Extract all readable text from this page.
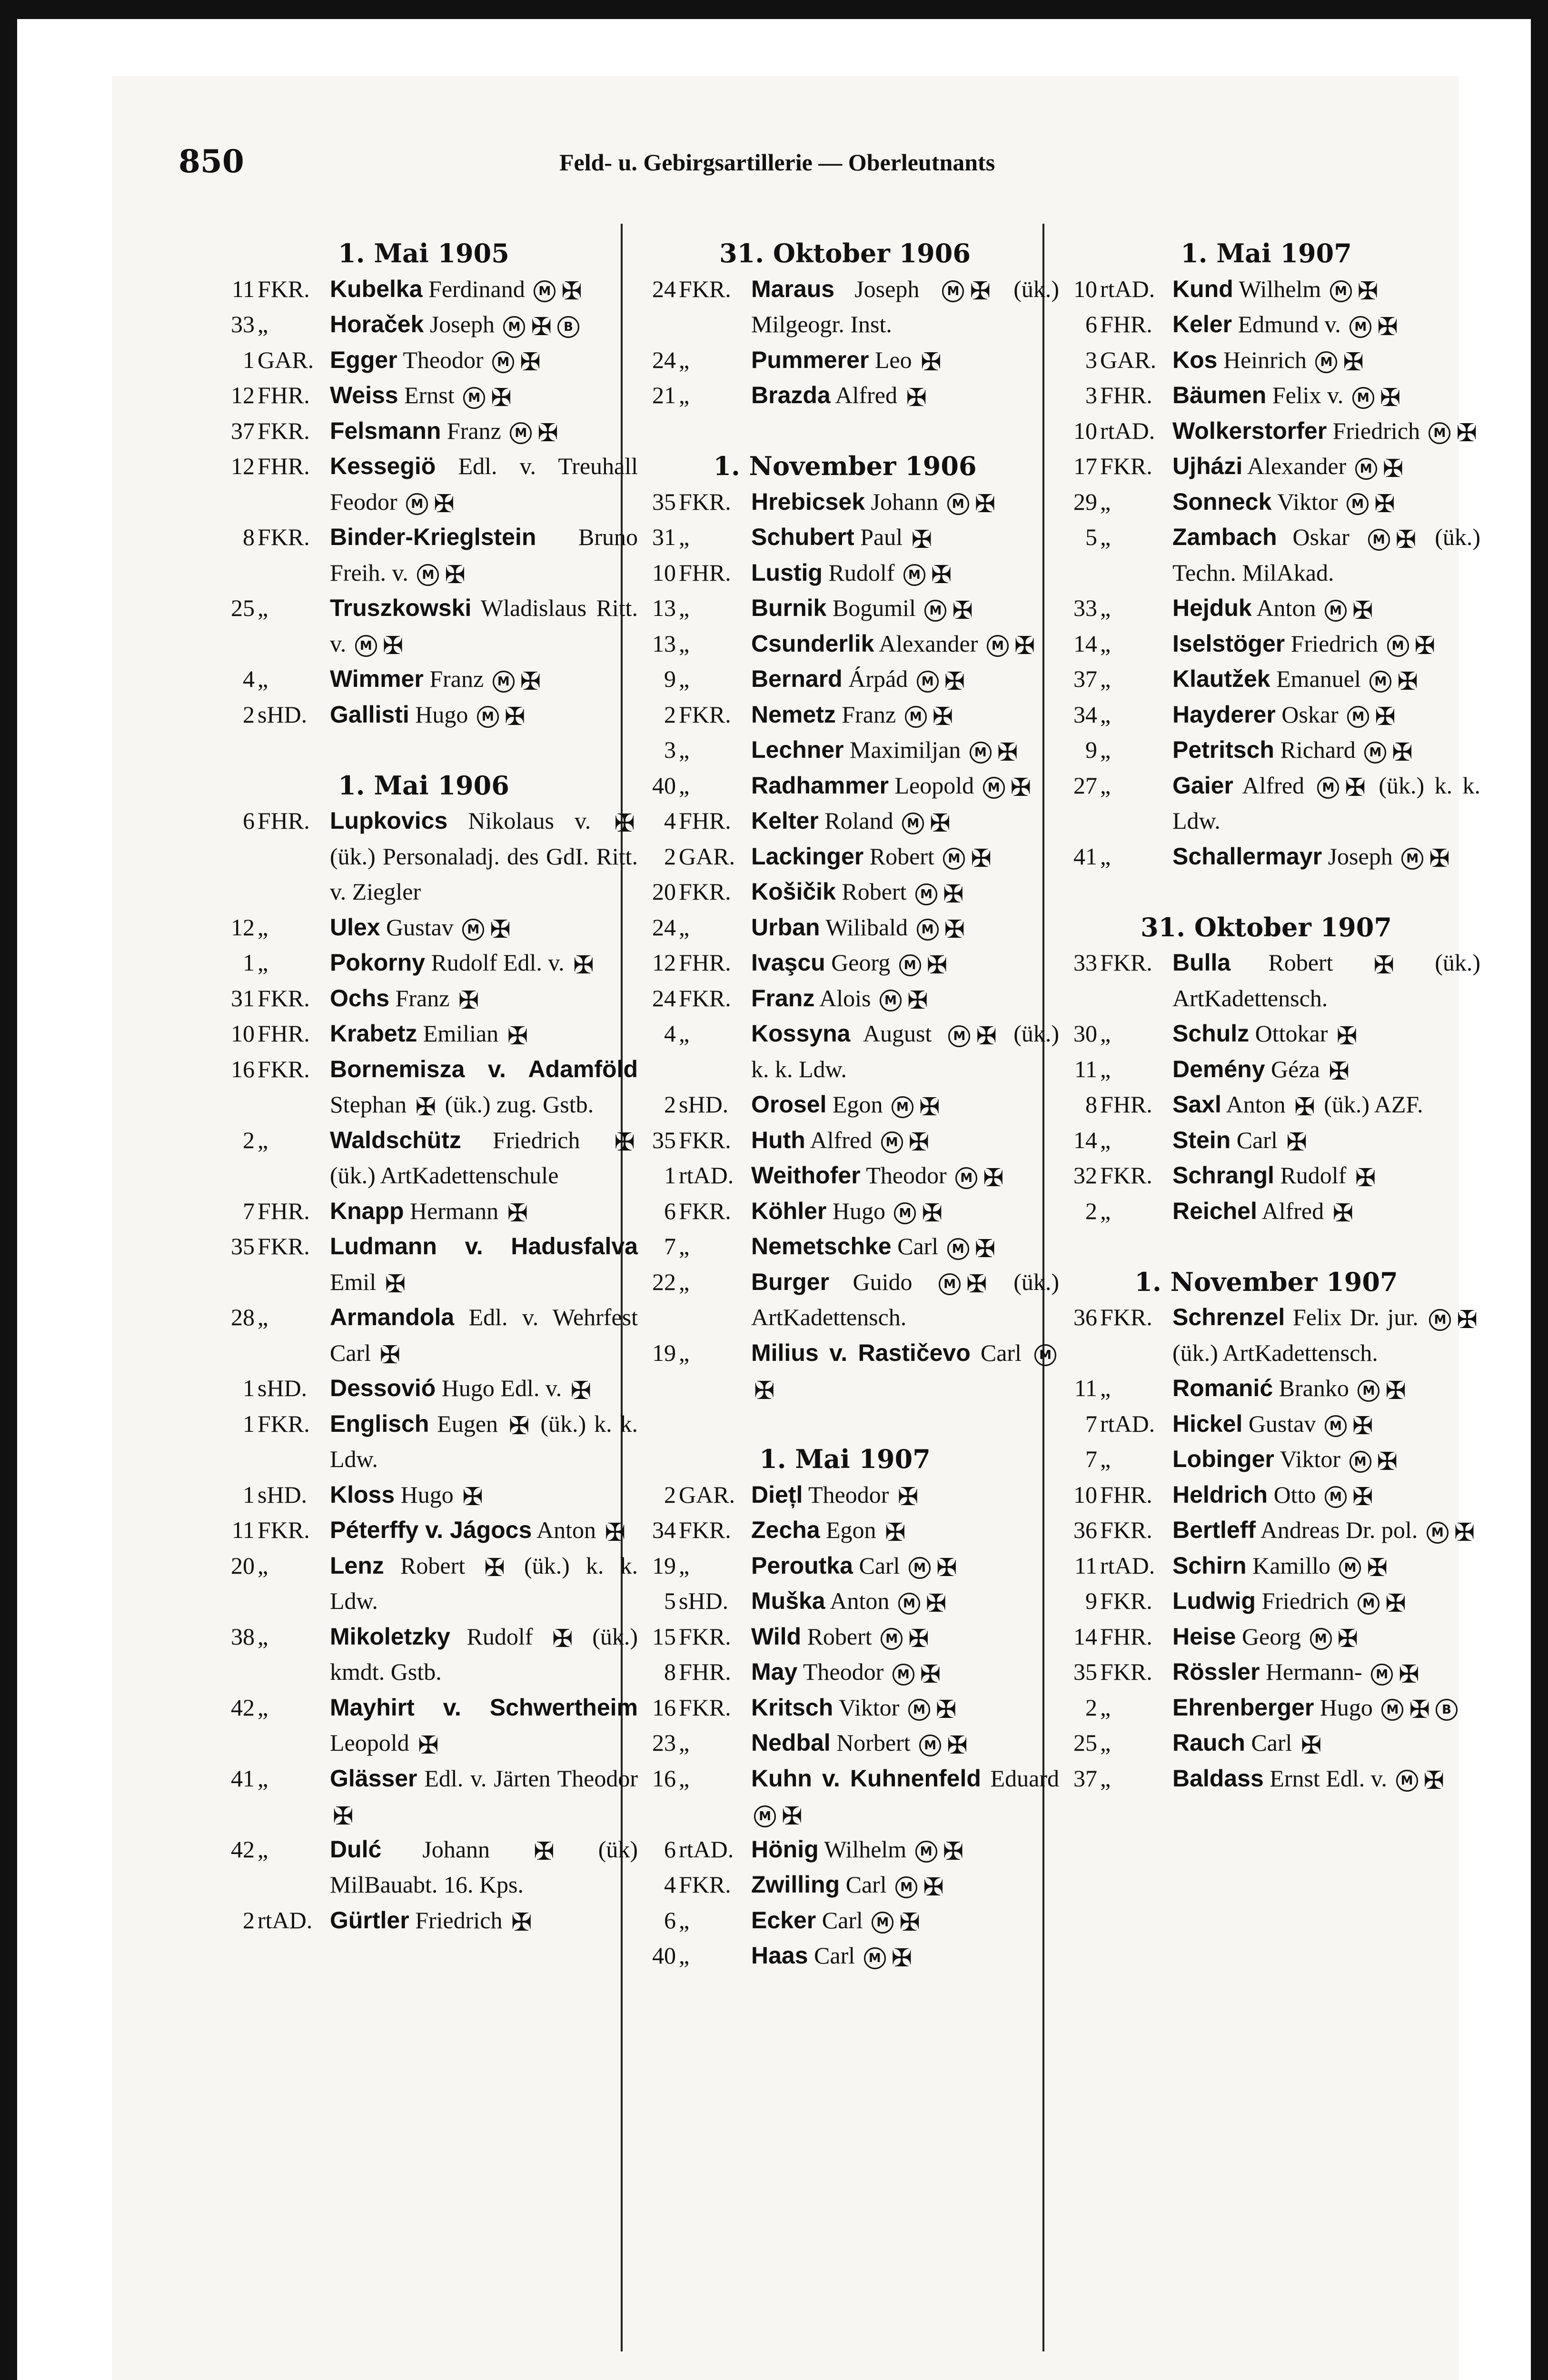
850	Feld- u. Gebirgsartillerie — Oberleutnants
1. Mai 1905
11 FKR. Kubelka Ferdinand M ✠
33 „	Horaček Joseph M ✠ B
1 GAR. Egger Theodor M ✠
12 FHR. Weiss Ernst M ✠
37 FKR. Felsmann Franz M ✠
12 FHR. Kessegiö Edl. v. Treuhall Feodor M ✠
8 FKR. Binder-Krieglstein Bruno Freih. v. M ✠
25 „	Truszkowski Wladislaus Ritt. v. M ✠
4 „	Wimmer Franz M ✠
2 sHD. Gallisti Hugo M ✠
1. Mai 1906
6 FHR. Lupkovics Nikolaus v. ✠ (ük.) Personaladj. des GdI. Ritt. v. Ziegler
12 „	Ulex Gustav M ✠
1 „	Pokorny Rudolf Edl. v. ✠
31 FKR. Ochs Franz ✠
10 FHR. Krabetz Emilian ✠
16 FKR. Bornemisza v. Adamföld Stephan ✠ (ük.) zug. Gstb.
2 „	Waldschütz Friedrich ✠ (ük.) ArtKadettenschule
7 FHR. Knapp Hermann ✠
35 FKR. Ludmann v. Hadusfalva Emil ✠
28 „	Armandola Edl. v. Wehrfest Carl ✠
1 sHD. Dessovió Hugo Edl. v. ✠
1 FKR. Englisch Eugen ✠ (ük.) k. k. Ldw.
1 sHD. Kloss Hugo ✠
11 FKR. Péterffy v. Jágocs Anton ✠
20 „	Lenz Robert ✠ (ük.) k. k. Ldw.
38 „	Mikoletzky Rudolf ✠ (ük.) kmdt. Gstb.
42 „	Mayhirt v. Schwertheim Leopold ✠
41 „	Glässer Edl. v. Järten Theodor ✠
42 „	Dulć Johann ✠ (ük) MilBauabt. 16. Kps.
2 rtAD. Gürtler Friedrich ✠
31. Oktober 1906
24 FKR. Maraus Joseph M ✠ (ük.) Milgeogr. Inst.
24 „	Pummerer Leo ✠
21 „	Brazda Alfred ✠
1. November 1906
35 FKR. Hrebicsek Johann M ✠
31 „	Schubert Paul ✠
10 FHR. Lustig Rudolf M ✠
13 „	Burnik Bogumil M ✠
13 „	Csunderlik Alexander M ✠
9 „	Bernard Árpád M ✠
2 FKR. Nemetz Franz M ✠
3 „	Lechner Maximiljan M ✠
40 „	Radhammer Leopold M ✠
4 FHR. Kelter Roland M ✠
2 GAR. Lackinger Robert M ✠
20 FKR. Košičik Robert M ✠
24 „	Urban Wilibald M ✠
12 FHR. Ivaşcu Georg M ✠
24 FKR. Franz Alois M ✠
4 „	Kossyna August M ✠ (ük.) k. k. Ldw.
2 sHD. Orosel Egon M ✠
35 FKR. Huth Alfred M ✠
1 rtAD. Weithofer Theodor M ✠
6 FKR. Köhler Hugo M ✠
7 „	Nemetschke Carl M ✠
22 „	Burger Guido	M ✠ (ük.) ArtKadettensch.
19 „	Milius v. Rastičevo Carl M✠
1. Mai 1907
2 GAR. Diețl Theodor ✠
34 FKR. Zecha Egon ✠
19 „	Peroutka Carl M ✠
5 sHD. Muška Anton M ✠
15 FKR. Wild Robert M ✠
8 FHR. May Theodor M ✠
16 FKR. Kritsch Viktor M ✠
23 „	Nedbal Norbert M ✠
16 „	Kuhn v. Kuhnenfeld Eduard M ✠
6 rtAD. Hönig Wilhelm M ✠
4 FKR. Zwilling Carl M ✠
6 „	Ecker Carl M ✠
40 „	Haas Carl M ✠
1. Mai 1907
10 rtAD. Kund Wilhelm M ✠
6 FHR. Keler Edmund v. M ✠
3 GAR. Kos Heinrich M ✠
3 FHR. Bäumen Felix v. M ✠
10 rtAD. Wolkerstorfer Friedrich M ✠
17 FKR. Ujházi Alexander M ✠
29 „	Sonneck Viktor M ✠
5 „	Zambach Oskar M ✠ (ük.) Techn. MilAkad.
33 „	Hejduk Anton M ✠
14 „	Iselstöger Friedrich M ✠
37 „	Klautžek Emanuel M ✠
34 „	Hayderer Oskar M ✠
9 „	Petritsch Richard M ✠
27 „	Gaier Alfred M ✠ (ük.) k. k. Ldw.
41 „	Schallermayr Joseph M ✠
31. Oktober 1907
33 FKR. Bulla Robert ✠ (ük.) ArtKadettensch.
30 „	Schulz Ottokar ✠
11 „	Demény Géza ✠
8 FHR. Saxl Anton ✠ (ük.) AZF.
14 „	Stein Carl ✠
32 FKR. Schrangl Rudolf ✠
2 „	Reichel Alfred ✠
1. November 1907
36 FKR. Schrenzel Felix Dr. jur. M ✠ (ük.) ArtKadettensch.
11 „	Romanić Branko M ✠
7 rtAD. Hickel Gustav M ✠
7 „	Lobinger Viktor M ✠
10 FHR. Heldrich Otto M ✠
36 FKR. Bertleff Andreas Dr. pol. M ✠
11 rtAD. Schirn Kamillo M ✠
9 FKR. Ludwig Friedrich M ✠
14 FHR. Heise Georg M ✠
35 FKR. Rössler Hermann- M ✠
2 „	Ehrenberger Hugo M ✠ B
25 „	Rauch Carl ✠
37 „	Baldass Ernst Edl. v. M ✠
